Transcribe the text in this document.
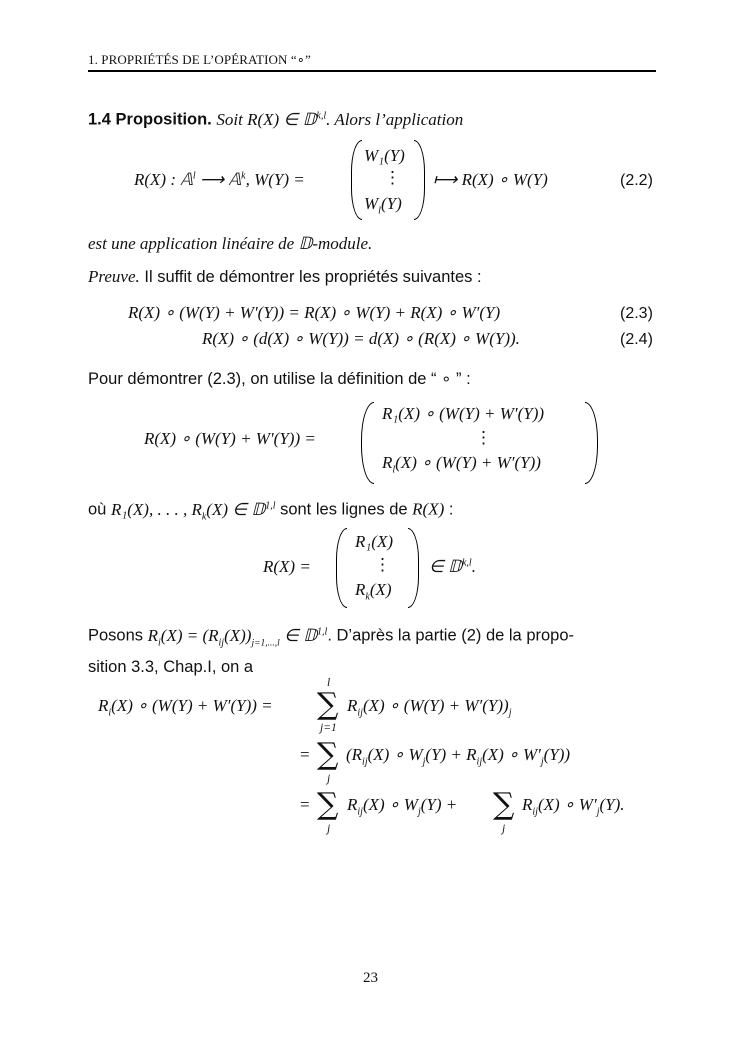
1. PROPRIÉTÉS DE L’OPÉRATION “∘”
1.4 Proposition. Soit R(X) ∈ 𝔻$^{k,l}$. Alors l’application
R(X) : 𝔸$^l$ ⟶ 𝔸$^k$, W(Y) =
W₁(Y)
⋮
$W_l(Y)$
⟼ R(X) ∘ W(Y)	(2.2)
est une application linéaire de 𝔻-module.
Preuve. Il suffit de démontrer les propriétés suivantes :
R(X) ∘ (W(Y) + W′(Y)) = R(X) ∘ W(Y) + R(X) ∘ W′(Y)	(2.3)
R(X) ∘ (d(X) ∘ W(Y)) = d(X) ∘ (R(X) ∘ W(Y)).	(2.4)
Pour démontrer (2.3), on utilise la définition de “ ∘ ” :
R(X) ∘ (W(Y) + W′(Y)) =
R₁(X) ∘ (W(Y) + W′(Y))
⋮
$R_l(X)$ ∘ (W(Y) + W′(Y))
où R₁(X), . . . , $R_k(X)$ ∈ 𝔻$^{1,l}$ sont les lignes de R(X) :
R(X) =
R₁(X)
⋮
$R_k(X)$
∈ 𝔻$^{k,l}$.
Posons $R_i(X) = (R_{ij}(X))_{j=1,...,l}$ ∈ 𝔻$^{1,l}$. D’après la partie (2) de la propo-
sition 3.3, Chap.I, on a
$R_i(X)$ ∘ (W(Y) + W′(Y)) =
l
∑
j=1
$R_{ij}(X)$ ∘ $(W(Y) + W'(Y))_j$
= ∑
j
($R_{ij}(X)$ ∘ $W_j(Y) + R_{ij}(X)$ ∘ $W'_j(Y)$)
= ∑
j
$R_{ij}(X)$ ∘ $W_j(Y)$ + ∑
j
$R_{ij}(X)$ ∘ $W'_j(Y)$.
23
